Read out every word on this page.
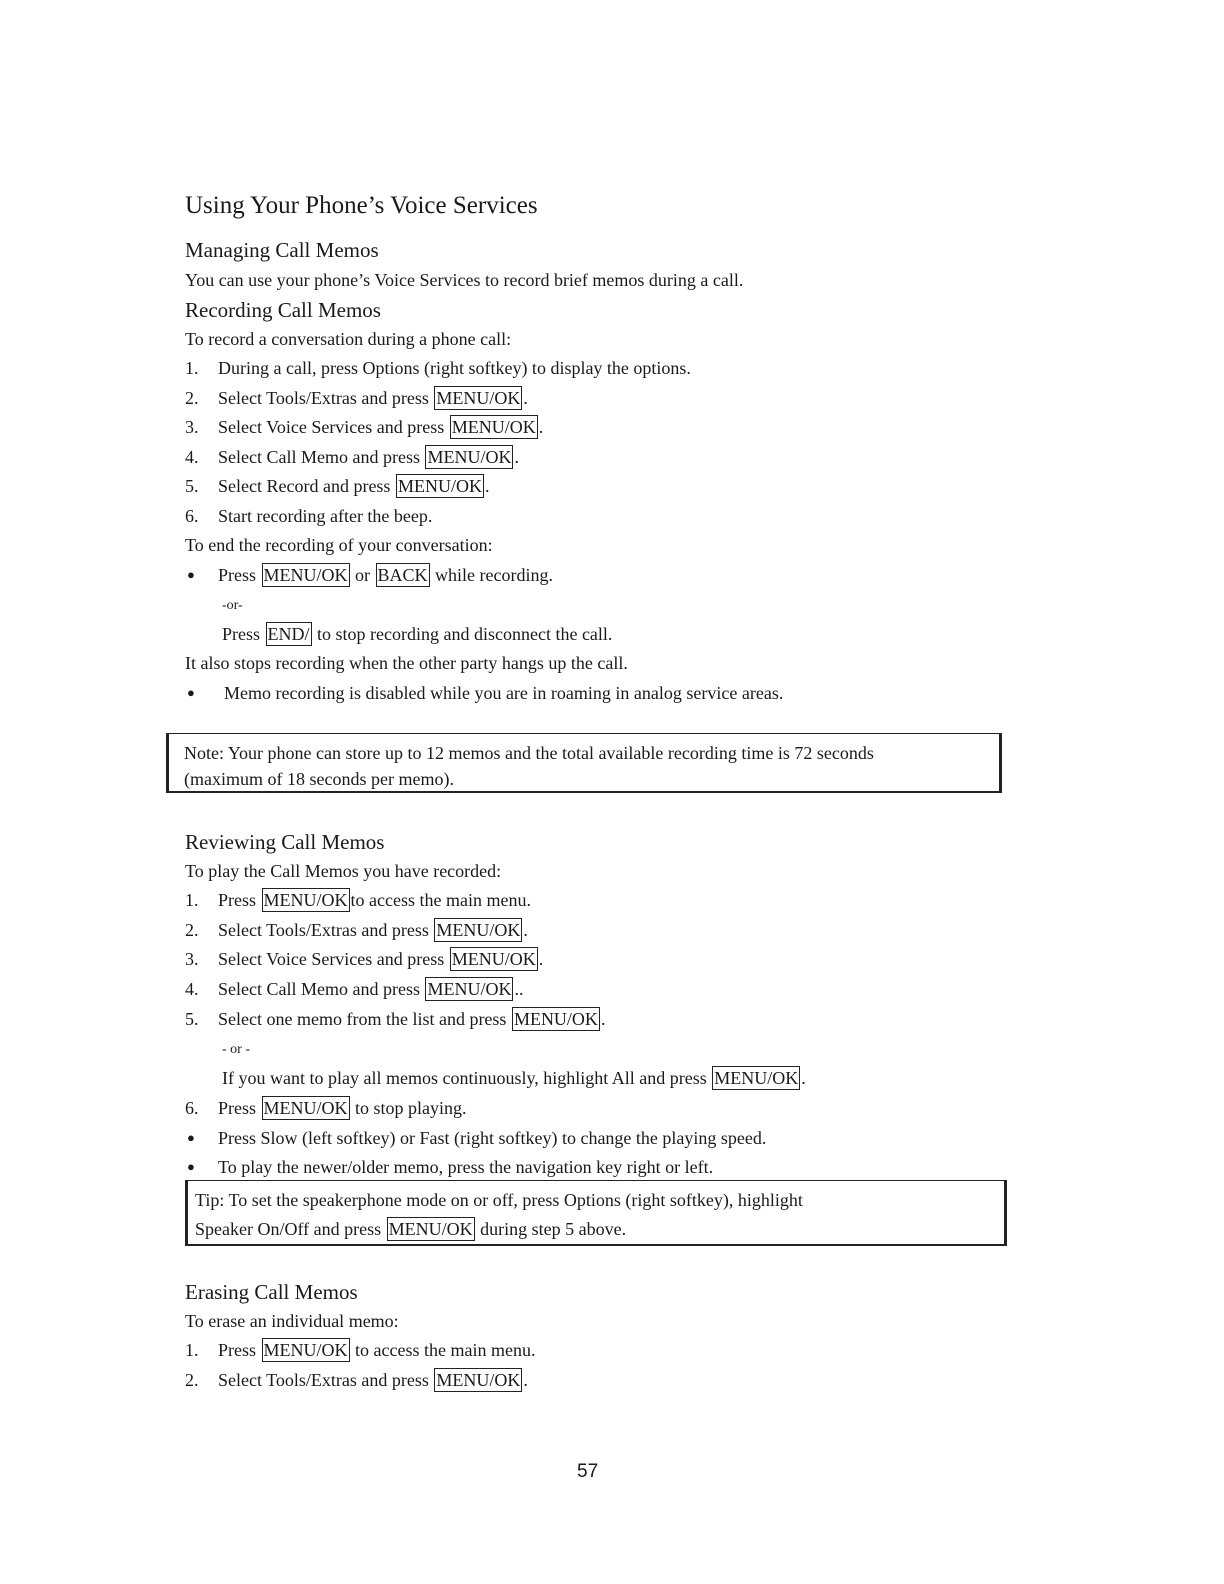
Using Your Phone’s Voice Services
Managing Call Memos
You can use your phone’s Voice Services to record brief memos during a call.
Recording Call Memos
To record a conversation during a phone call:
1. During a call, press Options (right softkey) to display the options.
2. Select Tools/Extras and press MENU/OK .
3. Select Voice Services and press MENU/OK .
4. Select Call Memo and press MENU/OK .
5. Select Record and press MENU/OK .
6. Start recording after the beep.
To end the recording of your conversation:
● Press MENU/OK or BACK while recording.
-or-
Press END/ to stop recording and disconnect the call.
It also stops recording when the other party hangs up the call.
● Memo recording is disabled while you are in roaming in analog service areas.
Note: Your phone can store up to 12 memos and the total available recording time is 72 seconds
(maximum of 18 seconds per memo).
Reviewing Call Memos
To play the Call Memos you have recorded:
1. Press MENU/OK to access the main menu.
2. Select Tools/Extras and press MENU/OK .
3. Select Voice Services and press MENU/OK .
4. Select Call Memo and press MENU/OK ..
5. Select one memo from the list and press MENU/OK .
- or -
If you want to play all memos continuously, highlight All and press MENU/OK .
6. Press MENU/OK to stop playing.
● Press Slow (left softkey) or Fast (right softkey) to change the playing speed.
● To play the newer/older memo, press the navigation key right or left.
Tip: To set the speakerphone mode on or off, press Options (right softkey), highlight
Speaker On/Off and press MENU/OK during step 5 above.
Erasing Call Memos
To erase an individual memo:
1. Press MENU/OK to access the main menu.
2. Select Tools/Extras and press MENU/OK .
57
